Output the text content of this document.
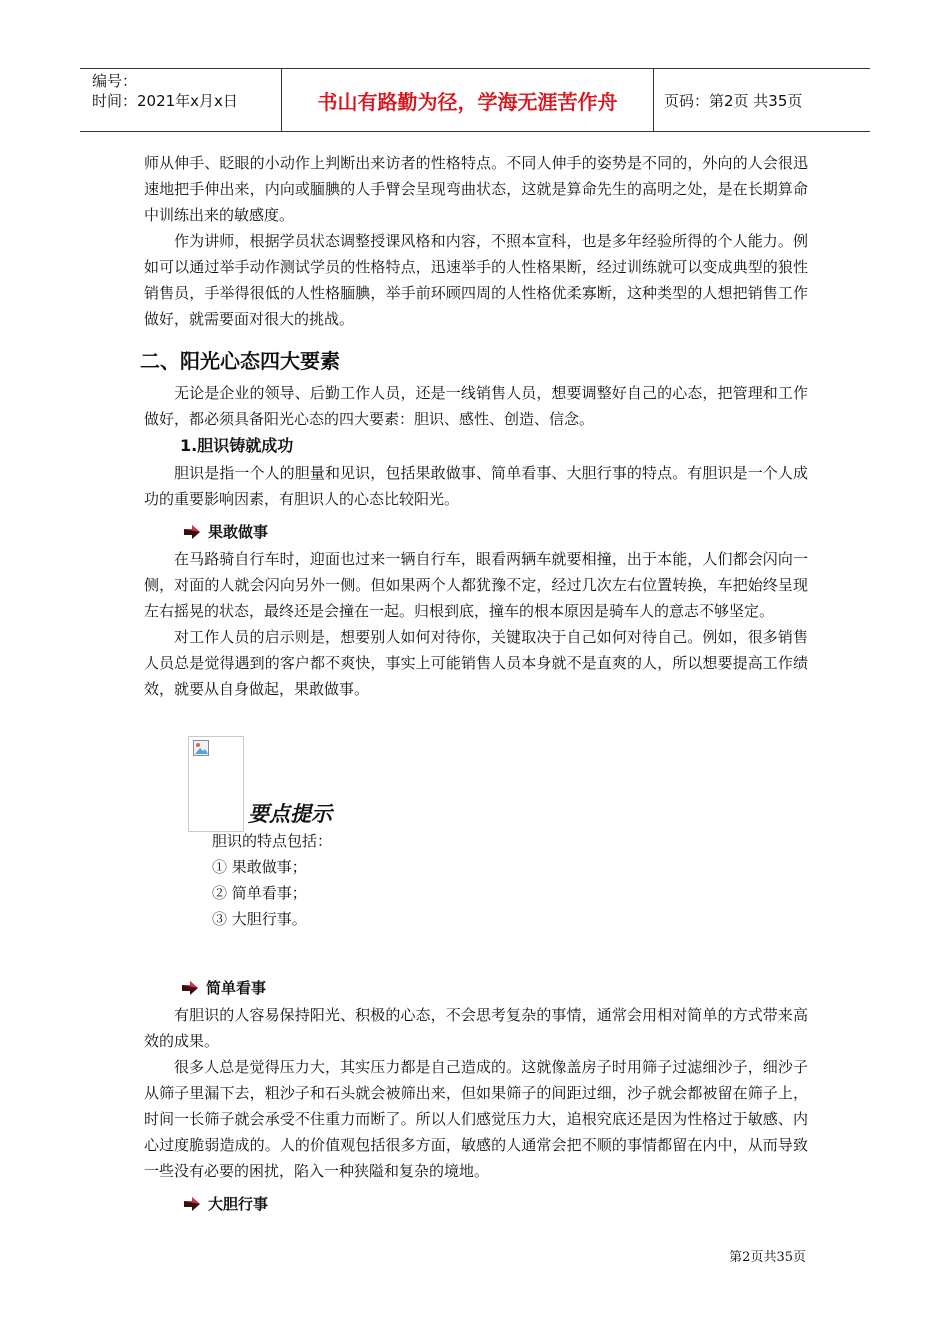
编号：
时间：2021年x月x日	书山有路勤为径，学海无涯苦作舟	页码：第2页 共35页

师从伸手、眨眼的小动作上判断出来访者的性格特点。不同人伸手的姿势是不同的，外向的人会很迅速地把手伸出来，内向或腼腆的人手臂会呈现弯曲状态，这就是算命先生的高明之处，是在长期算命中训练出来的敏感度。

作为讲师，根据学员状态调整授课风格和内容，不照本宣科，也是多年经验所得的个人能力。例如可以通过举手动作测试学员的性格特点，迅速举手的人性格果断，经过训练就可以变成典型的狼性销售员，手举得很低的人性格腼腆，举手前环顾四周的人性格优柔寡断，这种类型的人想把销售工作做好，就需要面对很大的挑战。

二、阳光心态四大要素

无论是企业的领导、后勤工作人员，还是一线销售人员，想要调整好自己的心态，把管理和工作做好，都必须具备阳光心态的四大要素：胆识、感性、创造、信念。

1.胆识铸就成功

胆识是指一个人的胆量和见识，包括果敢做事、简单看事、大胆行事的特点。有胆识是一个人成功的重要影响因素，有胆识人的心态比较阳光。

果敢做事

在马路骑自行车时，迎面也过来一辆自行车，眼看两辆车就要相撞，出于本能，人们都会闪向一侧，对面的人就会闪向另外一侧。但如果两个人都犹豫不定，经过几次左右位置转换，车把始终呈现左右摇晃的状态，最终还是会撞在一起。归根到底，撞车的根本原因是骑车人的意志不够坚定。

对工作人员的启示则是，想要别人如何对待你，关键取决于自己如何对待自己。例如，很多销售人员总是觉得遇到的客户都不爽快，事实上可能销售人员本身就不是直爽的人，所以想要提高工作绩效，就要从自身做起，果敢做事。

要点提示
胆识的特点包括：
① 果敢做事；
② 简单看事；
③ 大胆行事。
简单看事

有胆识的人容易保持阳光、积极的心态，不会思考复杂的事情，通常会用相对简单的方式带来高效的成果。

很多人总是觉得压力大，其实压力都是自己造成的。这就像盖房子时用筛子过滤细沙子，细沙子从筛子里漏下去，粗沙子和石头就会被筛出来，但如果筛子的间距过细，沙子就会都被留在筛子上，时间一长筛子就会承受不住重力而断了。所以人们感觉压力大，追根究底还是因为性格过于敏感、内心过度脆弱造成的。人的价值观包括很多方面，敏感的人通常会把不顺的事情都留在内中，从而导致一些没有必要的困扰，陷入一种狭隘和复杂的境地。

大胆行事
第2页共35页
